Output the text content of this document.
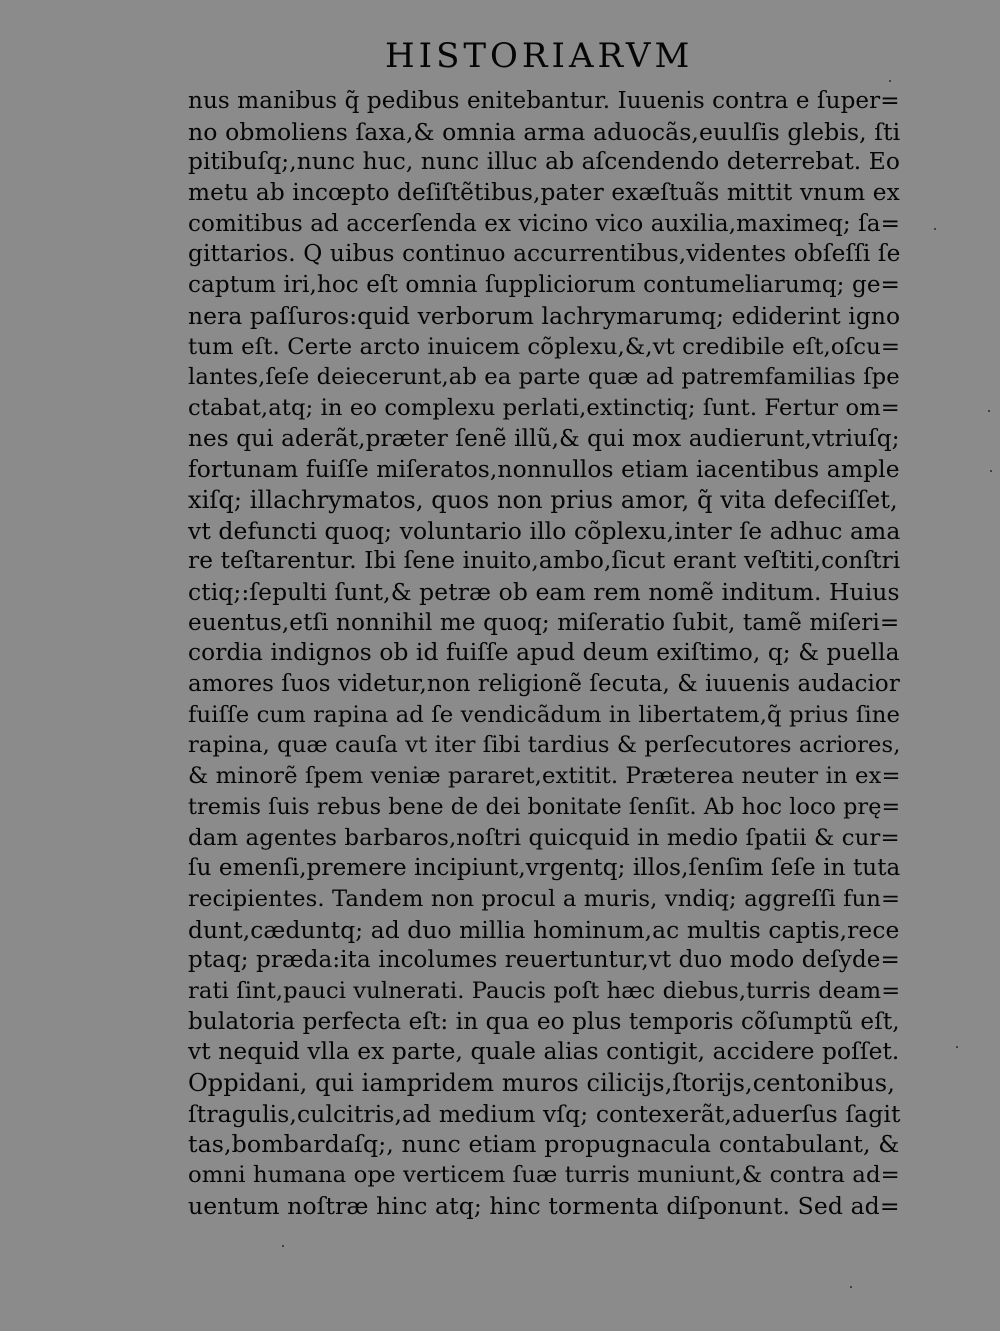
HISTORIARVM
nus manibus q̃ pedibus enitebantur. Iuuenis contra e ſuper=
no obmoliens ſaxa,& omnia arma aduocãs,euulſis glebis, ſti
pitibuſq;,nunc huc, nunc illuc ab aſcendendo deterrebat. Eo
metu ab incœpto deſiſtẽtibus,pater exæſtuãs mittit vnum ex
comitibus ad accerſenda ex vicino vico auxilia,maximeq; ſa=
gittarios. Q uibus continuo accurrentibus,videntes obſeſſi ſe
captum iri,hoc eſt omnia ſuppliciorum contumeliarumq; ge=
nera paſſuros:quid verborum lachrymarumq; ediderint igno
tum eſt. Certe arcto inuicem cõplexu,&,vt credibile eſt,oſcu=
lantes,ſeſe deiecerunt,ab ea parte quæ ad patremfamilias ſpe
ctabat,atq; in eo complexu perlati,extinctiq; ſunt. Fertur om=
nes qui aderãt,præter ſenẽ illũ,& qui mox audierunt,vtriuſq;
fortunam fuiſſe miſeratos,nonnullos etiam iacentibus ample
xiſq; illachrymatos, quos non prius amor, q̃ vita defeciſſet,
vt defuncti quoq; voluntario illo cõplexu,inter ſe adhuc ama
re teſtarentur. Ibi ſene inuito,ambo,ſicut erant veſtiti,conſtri
ctiq;:ſepulti ſunt,& petræ ob eam rem nomẽ inditum. Huius
euentus,etſi nonnihil me quoq; miſeratio ſubit, tamẽ miſeri=
cordia indignos ob id fuiſſe apud deum exiſtimo, q; & puella
amores ſuos videtur,non religionẽ ſecuta, & iuuenis audacior
fuiſſe cum rapina ad ſe vendicãdum in libertatem,q̃ prius ſine
rapina, quæ cauſa vt iter ſibi tardius & perſecutores acriores,
& minorẽ ſpem veniæ pararet,extitit. Præterea neuter in ex=
tremis ſuis rebus bene de dei bonitate ſenſit. Ab hoc loco prę=
dam agentes barbaros,noſtri quicquid in medio ſpatii & cur=
ſu emenſi,premere incipiunt,vrgentq; illos,ſenſim ſeſe in tuta
recipientes. Tandem non procul a muris, vndiq; aggreſſi fun=
dunt,cæduntq; ad duo millia hominum,ac multis captis,rece
ptaq; præda:ita incolumes reuertuntur,vt duo modo deſyde=
rati ſint,pauci vulnerati. Paucis poſt hæc diebus,turris deam=
bulatoria perfecta eſt: in qua eo plus temporis cõſumptũ eſt,
vt nequid vlla ex parte, quale alias contigit, accidere poſſet.
Oppidani, qui iampridem muros cilicijs,ſtorijs,centonibus,
ſtragulis,culcitris,ad medium vſq; contexerãt,aduerſus ſagit
tas,bombardaſq;, nunc etiam propugnacula contabulant, &
omni humana ope verticem ſuæ turris muniunt,& contra ad=
uentum noſtræ hinc atq; hinc tormenta diſponunt. Sed ad=
